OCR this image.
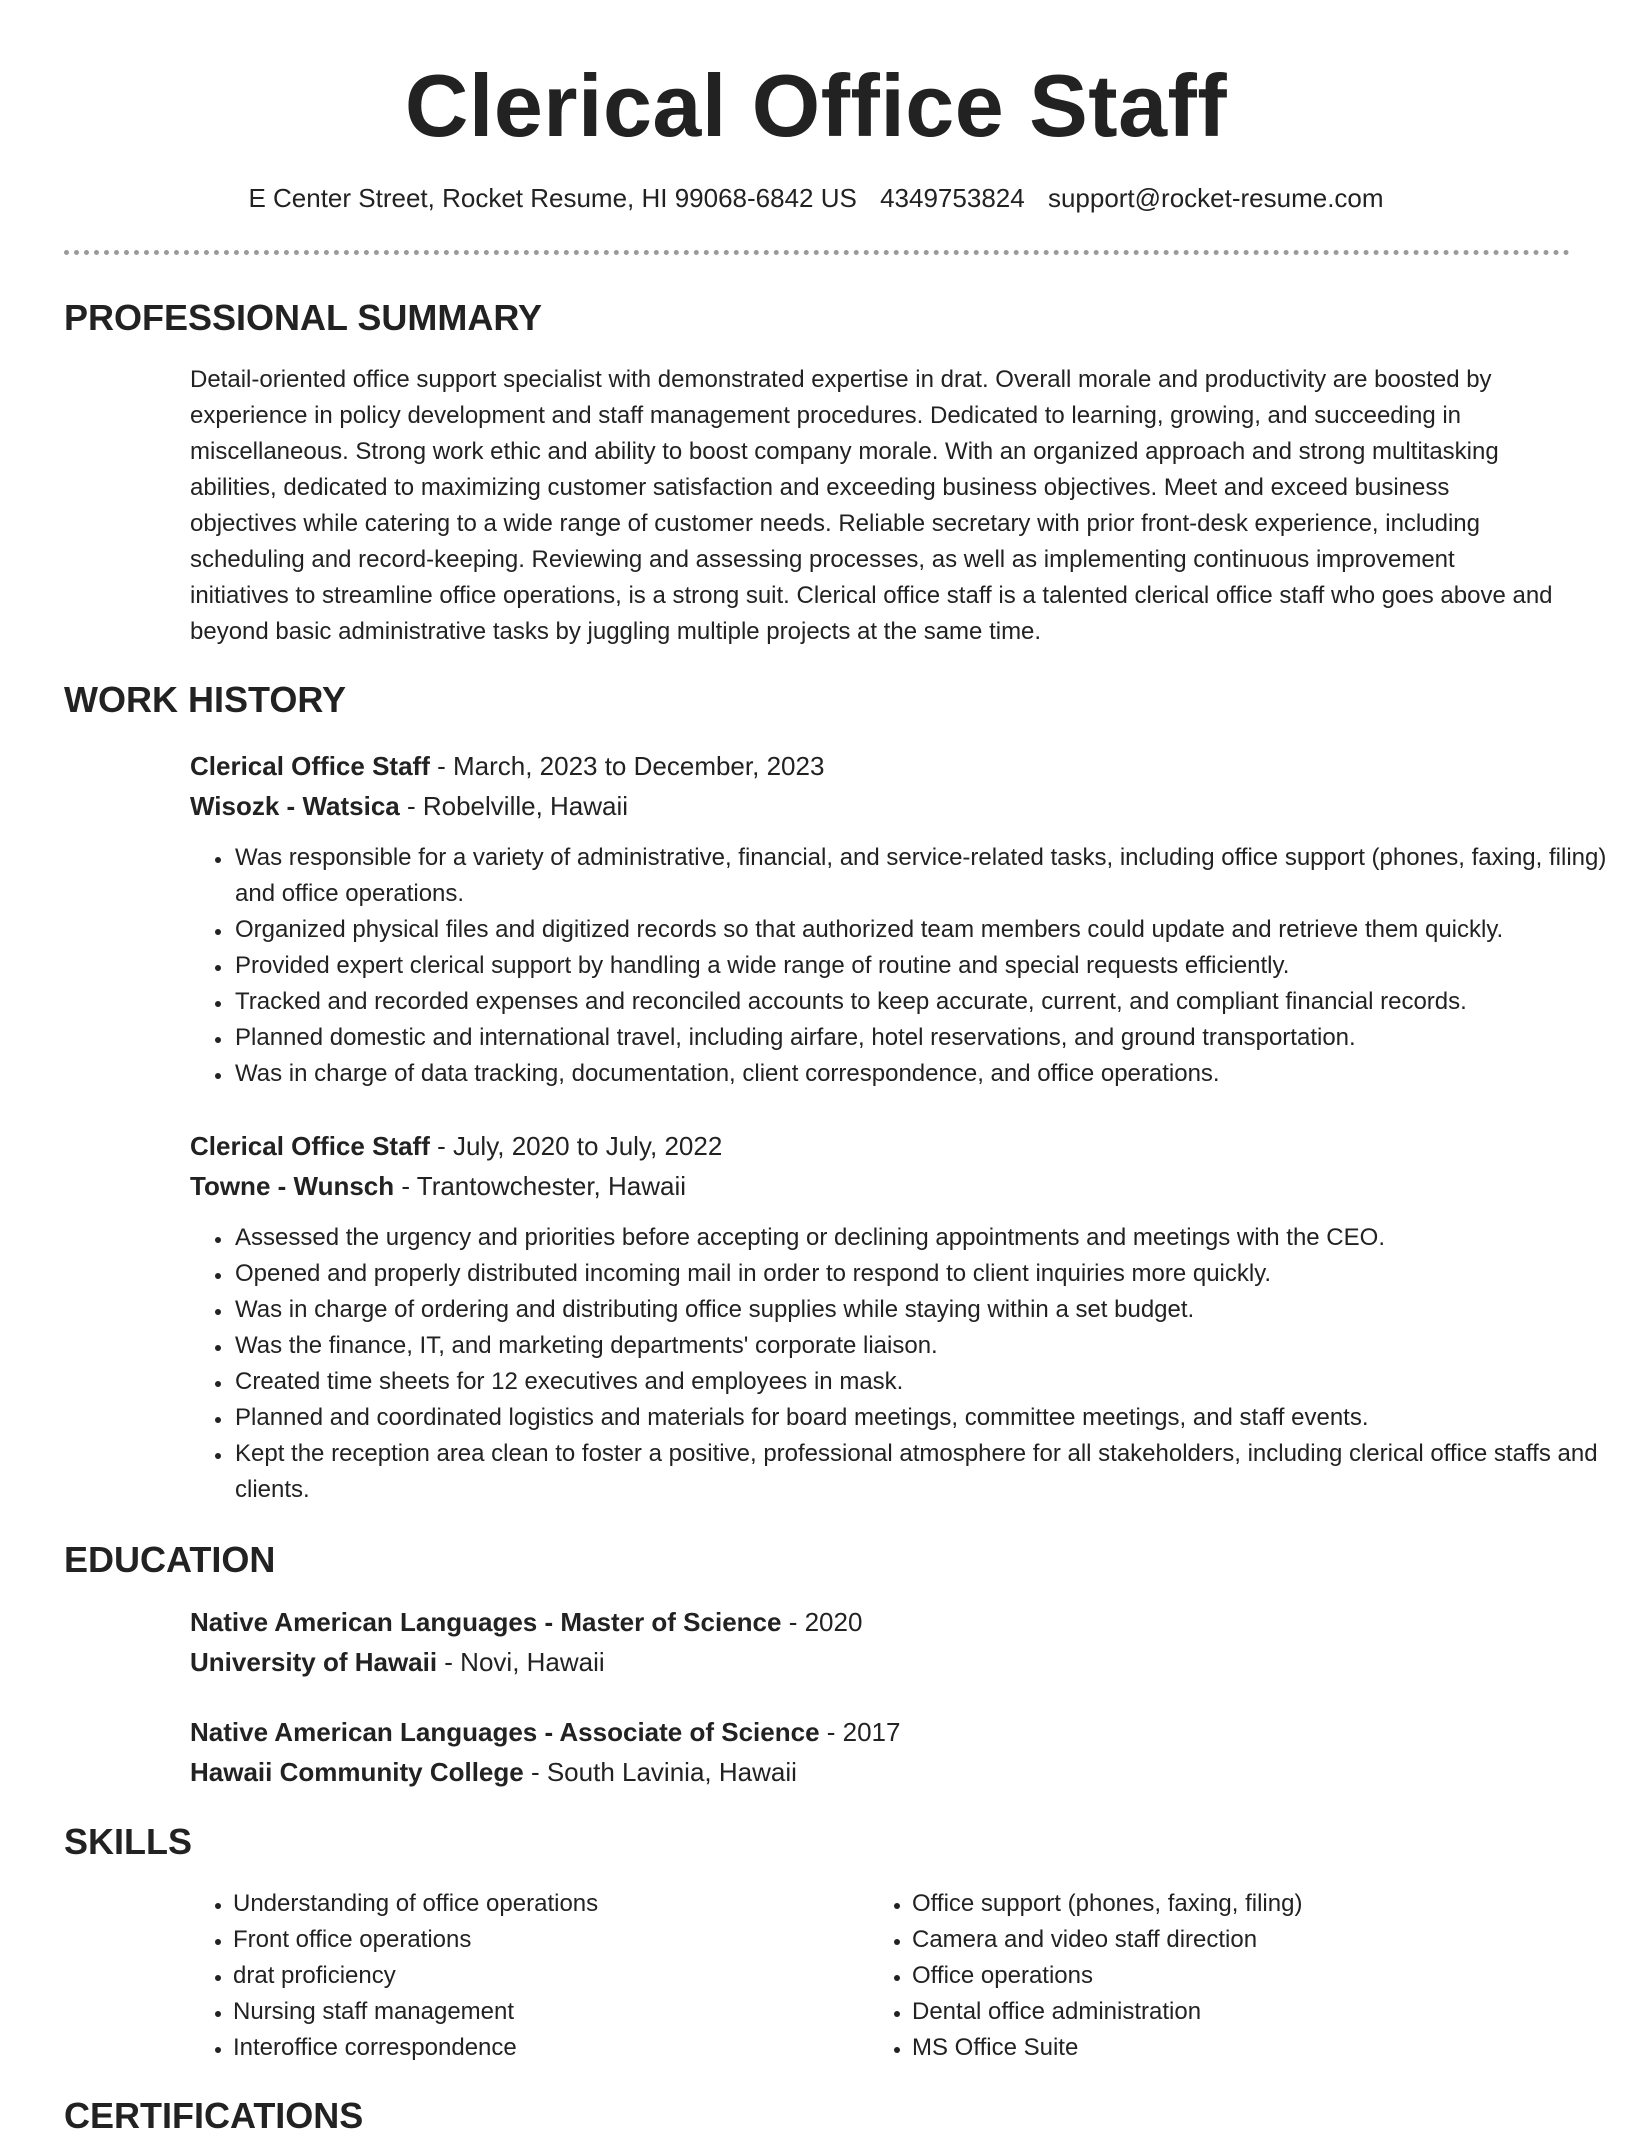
Clerical Office Staff
E Center Street, Rocket Resume, HI 99068-6842 US 4349753824 support@rocket-resume.com
PROFESSIONAL SUMMARY

Detail-oriented office support specialist with demonstrated expertise in drat. Overall morale and productivity are boosted by experience in policy development and staff management procedures. Dedicated to learning, growing, and succeeding in miscellaneous. Strong work ethic and ability to boost company morale. With an organized approach and strong multitasking abilities, dedicated to maximizing customer satisfaction and exceeding business objectives. Meet and exceed business objectives while catering to a wide range of customer needs. Reliable secretary with prior front-desk experience, including scheduling and record-keeping. Reviewing and assessing processes, as well as implementing continuous improvement initiatives to streamline office operations, is a strong suit. Clerical office staff is a talented clerical office staff who goes above and beyond basic administrative tasks by juggling multiple projects at the same time.

WORK HISTORY
Clerical Office Staff - March, 2023 to December, 2023
Wisozk - Watsica - Robelville, Hawaii
• Was responsible for a variety of administrative, financial, and service-related tasks, including office support (phones, faxing, filing) and office operations.
• Organized physical files and digitized records so that authorized team members could update and retrieve them quickly.
• Provided expert clerical support by handling a wide range of routine and special requests efficiently.
• Tracked and recorded expenses and reconciled accounts to keep accurate, current, and compliant financial records.
• Planned domestic and international travel, including airfare, hotel reservations, and ground transportation.
• Was in charge of data tracking, documentation, client correspondence, and office operations.
Clerical Office Staff - July, 2020 to July, 2022
Towne - Wunsch - Trantowchester, Hawaii
• Assessed the urgency and priorities before accepting or declining appointments and meetings with the CEO.
• Opened and properly distributed incoming mail in order to respond to client inquiries more quickly.
• Was in charge of ordering and distributing office supplies while staying within a set budget.
• Was the finance, IT, and marketing departments' corporate liaison.
• Created time sheets for 12 executives and employees in mask.
• Planned and coordinated logistics and materials for board meetings, committee meetings, and staff events.
• Kept the reception area clean to foster a positive, professional atmosphere for all stakeholders, including clerical office staffs and clients.
EDUCATION
Native American Languages - Master of Science - 2020
University of Hawaii - Novi, Hawaii
Native American Languages - Associate of Science - 2017
Hawaii Community College - South Lavinia, Hawaii
SKILLS
• Understanding of office operations
• Front office operations
• drat proficiency
• Nursing staff management
• Interoffice correspondence
• Office support (phones, faxing, filing)
• Camera and video staff direction
• Office operations
• Dental office administration
• MS Office Suite
CERTIFICATIONS
